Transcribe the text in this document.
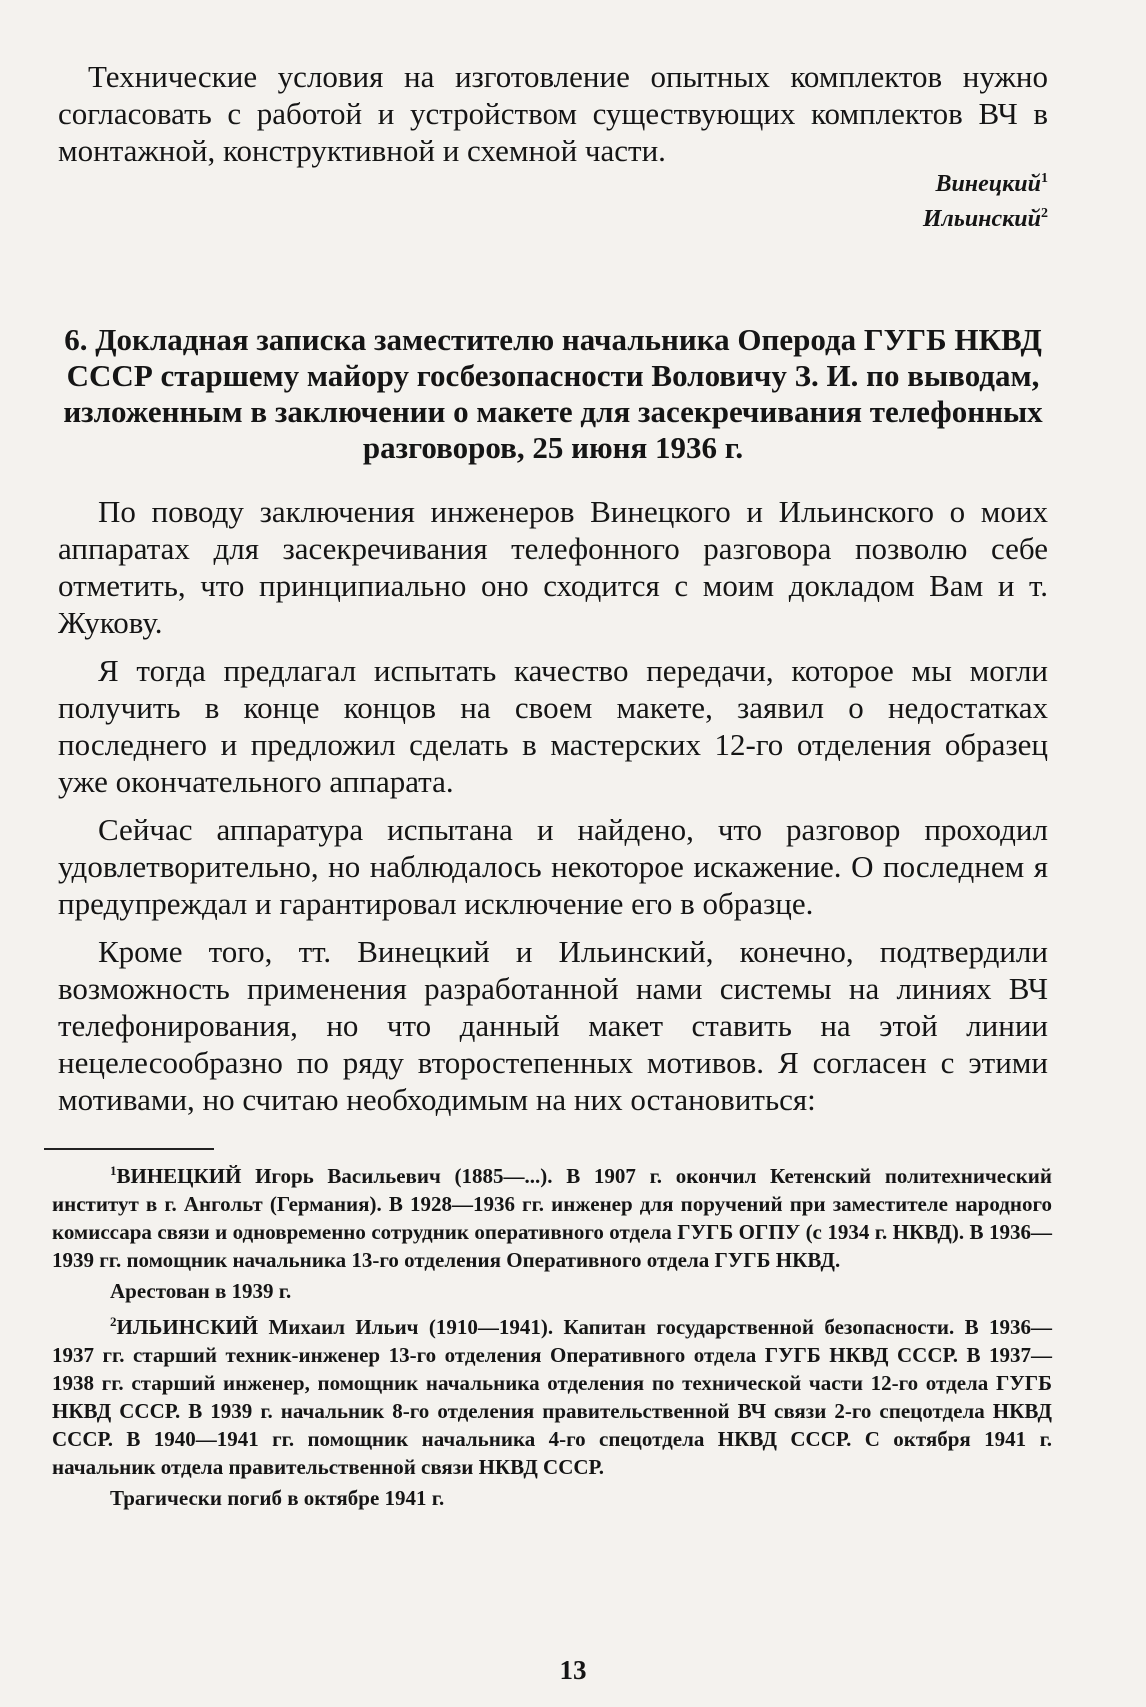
Технические условия на изготовление опытных комплектов нужно согласовать с работой и устройством существующих комплектов ВЧ в монтажной, конструктивной и схемной части.

Винецкий$^1$
Ильинский$^2$
6. Докладная записка заместителю начальника Оперода ГУГБ НКВД СССР старшему майору госбезопасности Воловичу З. И. по выводам, изложенным в заключении о макете для засекречивания телефонных разговоров, 25 июня 1936 г.

По поводу заключения инженеров Винецкого и Ильинского о моих аппаратах для засекречивания телефонного разговора позволю себе отметить, что принципиально оно сходится с моим докладом Вам и т. Жукову.

Я тогда предлагал испытать качество передачи, которое мы могли получить в конце концов на своем макете, заявил о недостатках последнего и предложил сделать в мастерских 12-го отделения образец уже окончательного аппарата.

Сейчас аппаратура испытана и найдено, что разговор проходил удовлетворительно, но наблюдалось некоторое искажение. О последнем я предупреждал и гарантировал исключение его в образце.

Кроме того, тт. Винецкий и Ильинский, конечно, подтвердили возможность применения разработанной нами системы на линиях ВЧ телефонирования, но что данный макет ставить на этой линии нецелесообразно по ряду второстепенных мотивов. Я согласен с этими мотивами, но считаю необходимым на них остановиться:

$^1$ВИНЕЦКИЙ Игорь Васильевич (1885—...). В 1907 г. окончил Кетенский политехнический институт в г. Ангольт (Германия). В 1928—1936 гг. инженер для поручений при заместителе народного комиссара связи и одновременно сотрудник оперативного отдела ГУГБ ОГПУ (с 1934 г. НКВД). В 1936—1939 гг. помощник начальника 13-го отделения Оперативного отдела ГУГБ НКВД.

Арестован в 1939 г.

$^2$ИЛЬИНСКИЙ Михаил Ильич (1910—1941). Капитан государственной безопасности. В 1936—1937 гг. старший техник-инженер 13-го отделения Оперативного отдела ГУГБ НКВД СССР. В 1937—1938 гг. старший инженер, помощник начальника отделения по технической части 12-го отдела ГУГБ НКВД СССР. В 1939 г. начальник 8-го отделения правительственной ВЧ связи 2-го спецотдела НКВД СССР. В 1940—1941 гг. помощник начальника 4-го спецотдела НКВД СССР. С октября 1941 г. начальник отдела правительственной связи НКВД СССР.

Трагически погиб в октябре 1941 г.

13
